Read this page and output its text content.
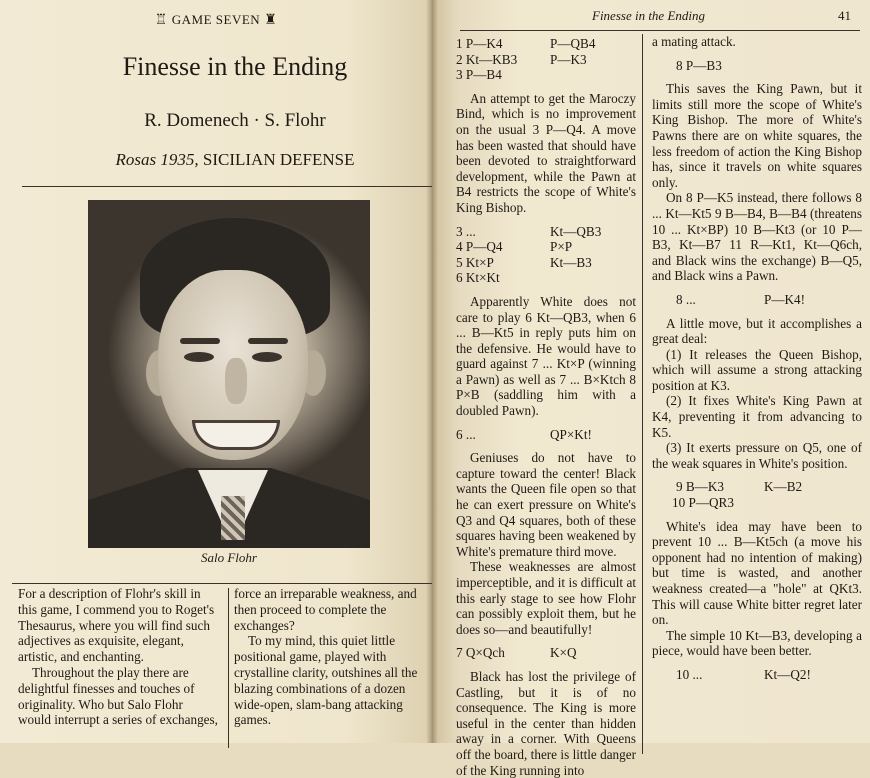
♖ GAME SEVEN ♜
Finesse in the Ending
R. Domenech · S. Flohr
Rosas 1935, SICILIAN DEFENSE
Salo Flohr

For a description of Flohr's skill in this game, I commend you to Roget's Thesaurus, where you will find such adjectives as exquisite, elegant, artistic, and enchanting.

Throughout the play there are delightful finesses and touches of originality. Who but Salo Flohr would interrupt a series of exchanges,

force an irreparable weakness, and then proceed to complete the exchanges?

To my mind, this quiet little positional game, played with crystalline clarity, outshines all the blazing combinations of a dozen wide-open, slam-bang attacking games.

Finesse in the Ending	41
1 P—K4	P—QB4
2 Kt—KB3	P—K3
3 P—B4

An attempt to get the Maroczy Bind, which is no improvement on the usual 3 P—Q4. A move has been wasted that should have been devoted to straightforward development, while the Pawn at B4 restricts the scope of White's King Bishop.

3 ...	Kt—QB3
4 P—Q4	P×P
5 Kt×P	Kt—B3
6 Kt×Kt

Apparently White does not care to play 6 Kt—QB3, when 6 ... B—Kt5 in reply puts him on the defensive. He would have to guard against 7 ... Kt×P (winning a Pawn) as well as 7 ... B×Ktch 8 P×B (saddling him with a doubled Pawn).

6 ...	QP×Kt!

Geniuses do not have to capture toward the center! Black wants the Queen file open so that he can exert pressure on White's Q3 and Q4 squares, both of these squares having been weakened by White's premature third move.

These weaknesses are almost imperceptible, and it is difficult at this early stage to see how Flohr can possibly exploit them, but he does so—and beautifully!

7 Q×Qch	K×Q

Black has lost the privilege of Castling, but it is of no consequence. The King is more useful in the center than hidden away in a corner. With Queens off the board, there is little danger of the King running into

a mating attack.

8 P—B3

This saves the King Pawn, but it limits still more the scope of White's King Bishop. The more of White's Pawns there are on white squares, the less freedom of action the King Bishop has, since it travels on white squares only.

On 8 P—K5 instead, there follows 8 ... Kt—Kt5 9 B—B4, B—B4 (threatens 10 ... Kt×BP) 10 B—Kt3 (or 10 P—B3, Kt—B7 11 R—Kt1, Kt—Q6ch, and Black wins the exchange) B—Q5, and Black wins a Pawn.

8 ...	P—K4!

A little move, but it accomplishes a great deal:

(1) It releases the Queen Bishop, which will assume a strong attacking position at K3.

(2) It fixes White's King Pawn at K4, preventing it from advancing to K5.

(3) It exerts pressure on Q5, one of the weak squares in White's position.

9 B—K3	K—B2
10 P—QR3

White's idea may have been to prevent 10 ... B—Kt5ch (a move his opponent had no intention of making) but time is wasted, and another weakness created—a "hole" at QKt3. This will cause White bitter regret later on.

The simple 10 Kt—B3, developing a piece, would have been better.

10 ...	Kt—Q2!
